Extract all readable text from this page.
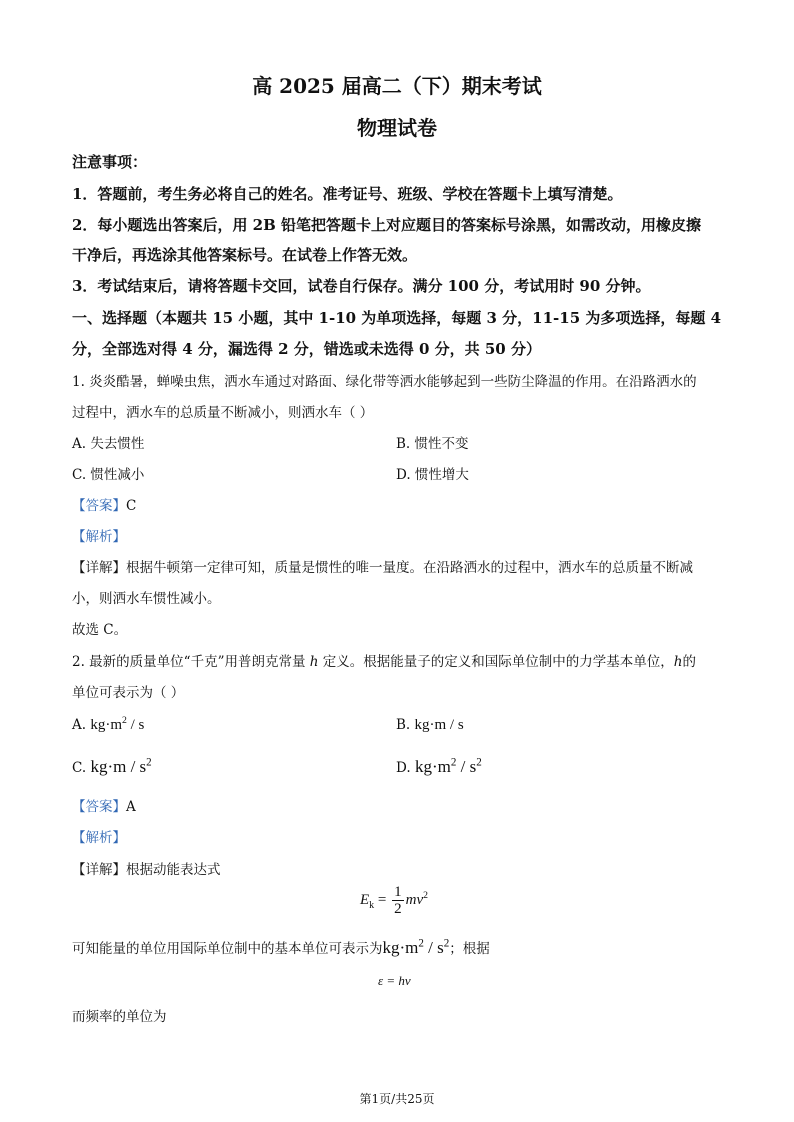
高 2025 届高二（下）期末考试
物理试卷
注意事项：
1．答题前，考生务必将自己的姓名。准考证号、班级、学校在答题卡上填写清楚。
2．每小题选出答案后，用 2B 铅笔把答题卡上对应题目的答案标号涂黑，如需改动，用橡皮擦
干净后，再选涂其他答案标号。在试卷上作答无效。
3．考试结束后，请将答题卡交回，试卷自行保存。满分 100 分，考试用时 90 分钟。
一、选择题（本题共 15 小题，其中 1-10 为单项选择，每题 3 分，11-15 为多项选择，每题 4
分，全部选对得 4 分，漏选得 2 分，错选或未选得 0 分，共 50 分）
1. 炎炎酷暑，蝉噪虫焦，洒水车通过对路面、绿化带等洒水能够起到一些防尘降温的作用。在沿路洒水的
过程中，洒水车的总质量不断减小，则洒水车（ ）
A. 失去惯性	B. 惯性不变
C. 惯性减小	D. 惯性增大
【答案】C
【解析】
【详解】根据牛顿第一定律可知，质量是惯性的唯一量度。在沿路洒水的过程中，洒水车的总质量不断减
小，则洒水车惯性减小。
故选 C。
2. 最新的质量单位“千克”用普朗克常量 h 定义。根据能量子的定义和国际单位制中的力学基本单位，h的
单位可表示为（ ）
A. $kg\cdot m^2 / s$	B. kg·m / s
C. $kg\cdot m / s^2$	D. $kg\cdot m^2 / s^2$
【答案】A
【解析】
【详解】根据动能表达式
$E_k = \frac{1}{2} mv^2$
可知能量的单位用国际单位制中的基本单位可表示为$kg\cdot m^2 / s^2$；根据
ε = hν
而频率的单位为
第1页/共25页
